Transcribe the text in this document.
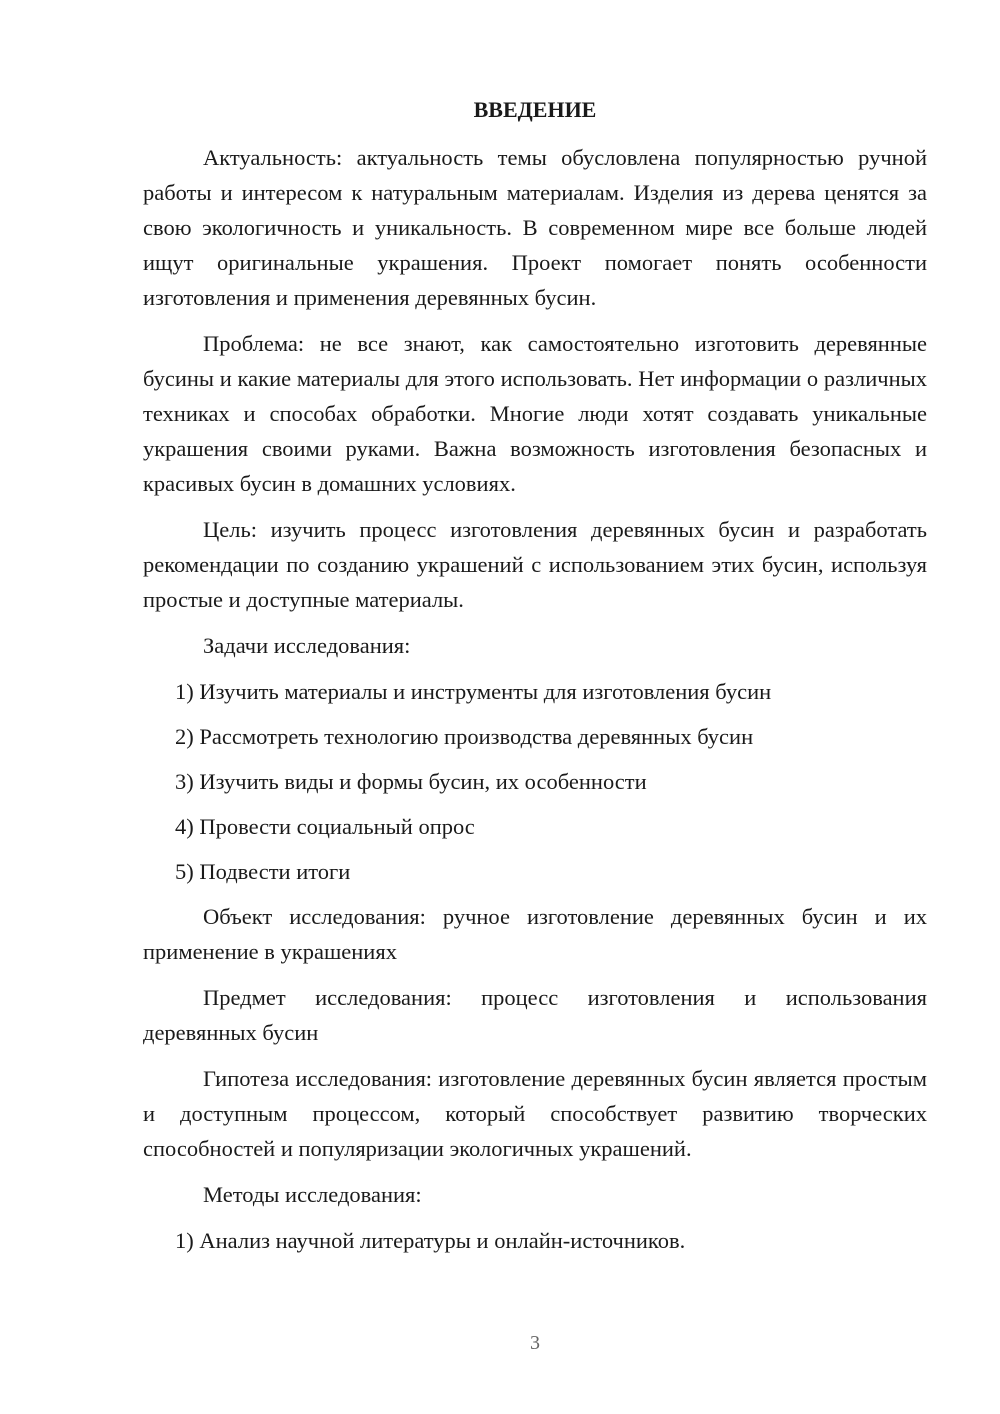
ВВЕДЕНИЕ

Актуальность: актуальность темы обусловлена популярностью ручной работы и интересом к натуральным материалам. Изделия из дерева ценятся за свою экологичность и уникальность. В современном мире все больше людей ищут оригинальные украшения. Проект помогает понять особенности изготовления и применения деревянных бусин.

Проблема: не все знают, как самостоятельно изготовить деревянные бусины и какие материалы для этого использовать. Нет информации о различных техниках и способах обработки. Многие люди хотят создавать уникальные украшения своими руками. Важна возможность изготовления безопасных и красивых бусин в домашних условиях.

Цель: изучить процесс изготовления деревянных бусин и разработать рекомендации по созданию украшений с использованием этих бусин, используя простые и доступные материалы.

Задачи исследования:

1) Изучить материалы и инструменты для изготовления бусин

2) Рассмотреть технологию производства деревянных бусин

3) Изучить виды и формы бусин, их особенности

4) Провести социальный опрос

5) Подвести итоги

Объект исследования: ручное изготовление деревянных бусин и их применение в украшениях

Предмет исследования: процесс изготовления и использования деревянных бусин

Гипотеза исследования: изготовление деревянных бусин является простым и доступным процессом, который способствует развитию творческих способностей и популяризации экологичных украшений.

Методы исследования:

1) Анализ научной литературы и онлайн-источников.

3
